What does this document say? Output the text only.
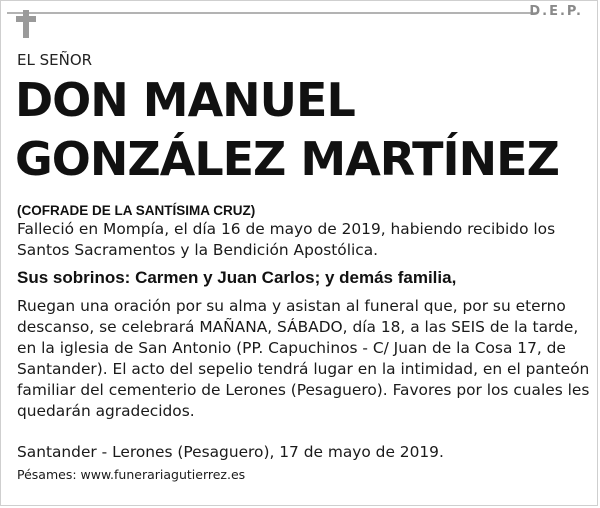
D.E.P.
EL SEÑOR
DON MANUEL
GONZÁLEZ MARTÍNEZ
(COFRADE DE LA SANTÍSIMA CRUZ)
Falleció en Mompía, el día 16 de mayo de 2019, habiendo recibido los Santos Sacramentos y la Bendición Apostólica.
Sus sobrinos: Carmen y Juan Carlos; y demás familia,
Ruegan una oración por su alma y asistan al funeral que, por su eterno descanso, se celebrará MAÑANA, SÁBADO, día 18, a las SEIS de la tarde, en la iglesia de San Antonio (PP. Capuchinos - C/ Juan de la Cosa 17, de Santander). El acto del sepelio tendrá lugar en la intimidad, en el panteón familiar del cementerio de Lerones (Pesaguero). Favores por los cuales les quedarán agradecidos.
Santander - Lerones (Pesaguero), 17 de mayo de 2019.
Pésames: www.funerariagutierrez.es
